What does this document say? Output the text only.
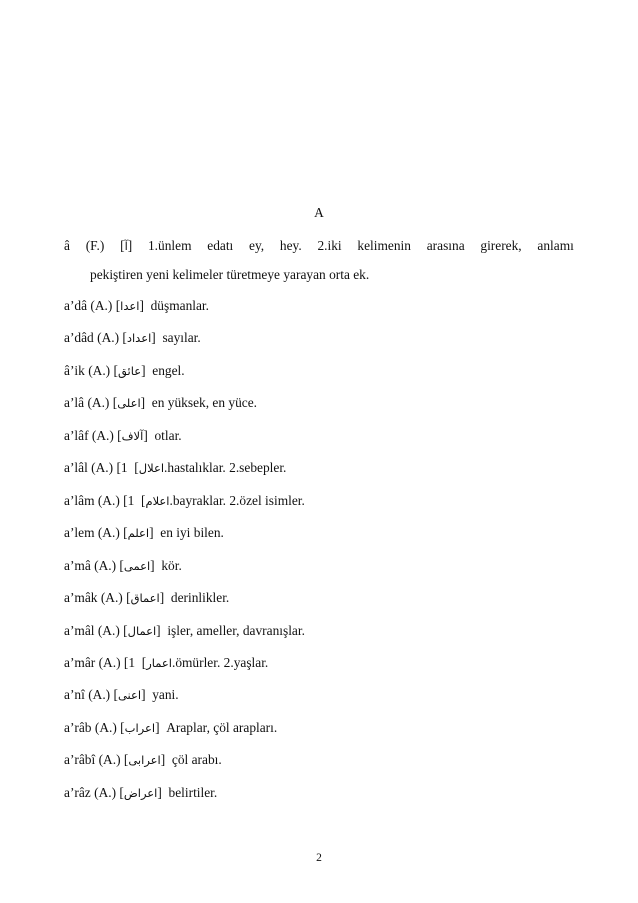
A
â (F.) [آ] 1.ünlem edatı ey, hey. 2.iki kelimenin arasına girerek, anlamı
pekiştiren yeni kelimeler türetmeye yarayan orta ek.
a’dâ (A.) [اعدا]  düşmanlar.
a’dâd (A.) [اعداد]  sayılar.
â’ik (A.) [عائق]  engel.
a’lâ (A.) [اعلى]  en yüksek, en yüce.
a’lâf (A.) [آلاف]  otlar.
a’lâl (A.) [ اعلال]  1.hastalıklar. 2.sebepler.
a’lâm (A.) [ اعلام]  1.bayraklar. 2.özel isimler.
a’lem (A.) [اعلم]  en iyi bilen.
a’mâ (A.) [اعمى]  kör.
a’mâk (A.) [اعماق]  derinlikler.
a’mâl (A.) [اعمال]  işler, ameller, davranışlar.
a’mâr (A.) [ اعمار]  1.ömürler. 2.yaşlar.
a’nî (A.) [اعنى]  yani.
a’râb (A.) [اعراب]  Araplar, çöl arapları.
a’râbî (A.) [اعرابى]  çöl arabı.
a’râz (A.) [اعراض]  belirtiler.
2
